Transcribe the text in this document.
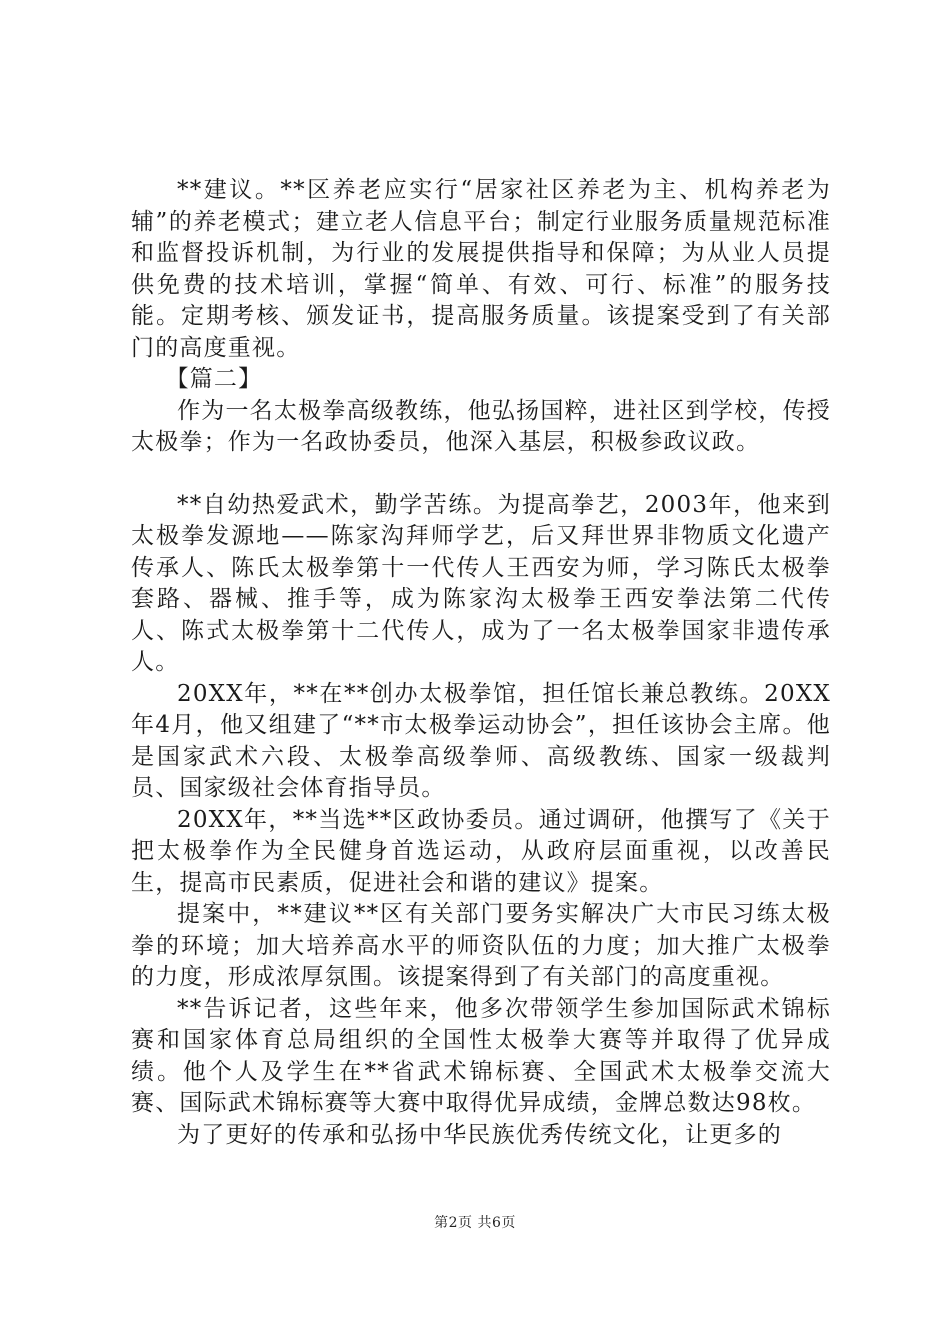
**建议。**区养老应实行“居家社区养老为主、机构养老为辅”的养老模式；建立老人信息平台；制定行业服务质量规范标准和监督投诉机制，为行业的发展提供指导和保障；为从业人员提供免费的技术培训，掌握“简单、有效、可行、标准”的服务技能。定期考核、颁发证书，提高服务质量。该提案受到了有关部门的高度重视。

【篇二】

作为一名太极拳高级教练，他弘扬国粹，进社区到学校，传授太极拳；作为一名政协委员，他深入基层，积极参政议政。

**自幼热爱武术，勤学苦练。为提高拳艺，2003年，他来到太极拳发源地——陈家沟拜师学艺，后又拜世界非物质文化遗产传承人、陈氏太极拳第十一代传人王西安为师，学习陈氏太极拳套路、器械、推手等，成为陈家沟太极拳王西安拳法第二代传人、陈式太极拳第十二代传人，成为了一名太极拳国家非遗传承人。

20XX年，**在**创办太极拳馆，担任馆长兼总教练。20XX年4月，他又组建了“**市太极拳运动协会”，担任该协会主席。他是国家武术六段、太极拳高级拳师、高级教练、国家一级裁判员、国家级社会体育指导员。

20XX年，**当选**区政协委员。通过调研，他撰写了《关于把太极拳作为全民健身首选运动，从政府层面重视，以改善民生，提高市民素质，促进社会和谐的建议》提案。

提案中，**建议**区有关部门要务实解决广大市民习练太极拳的环境；加大培养高水平的师资队伍的力度；加大推广太极拳的力度，形成浓厚氛围。该提案得到了有关部门的高度重视。

**告诉记者，这些年来，他多次带领学生参加国际武术锦标赛和国家体育总局组织的全国性太极拳大赛等并取得了优异成绩。他个人及学生在**省武术锦标赛、全国武术太极拳交流大赛、国际武术锦标赛等大赛中取得优异成绩，金牌总数达98枚。

为了更好的传承和弘扬中华民族优秀传统文化，让更多的

第2页 共6页
